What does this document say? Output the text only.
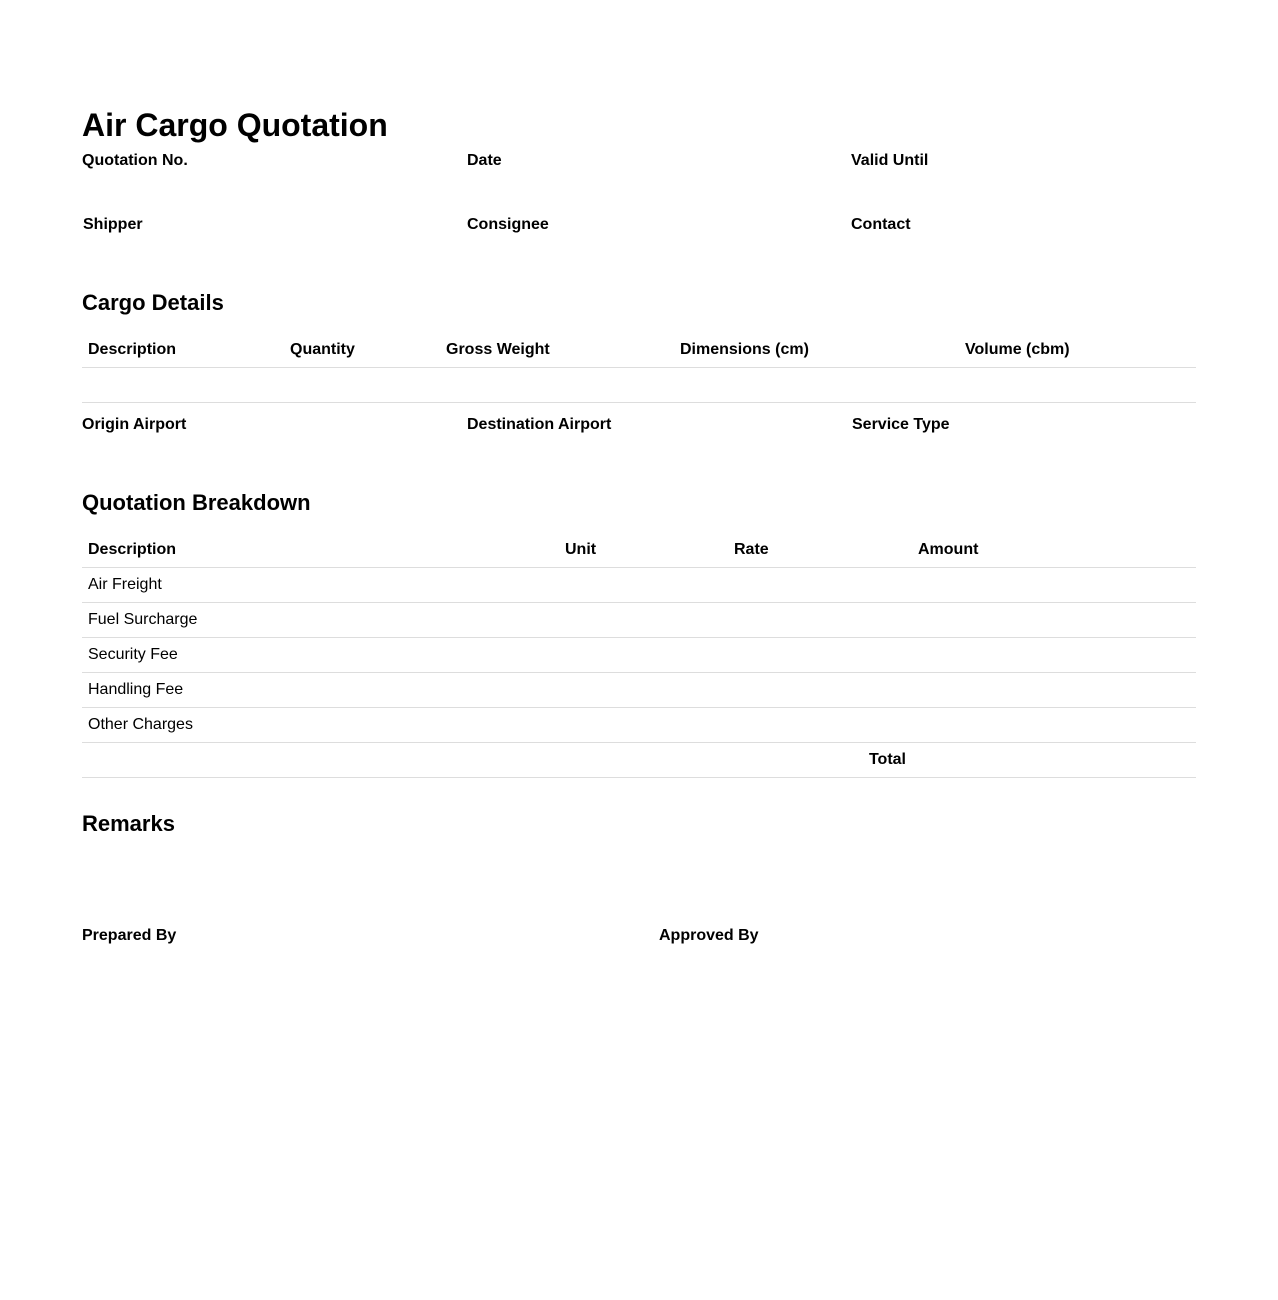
Air Cargo Quotation
Quotation No.	Date	Valid Until
Shipper	Consignee	Contact
Cargo Details
Description	Quantity	Gross Weight	Dimensions (cm)	Volume (cbm)

Origin Airport	Destination Airport	Service Type
Quotation Breakdown
Description	Unit	Rate	Amount
Air Freight			
Fuel Surcharge			
Security Fee			
Handling Fee			
Other Charges			
		Total	
Remarks
Prepared By	Approved By
